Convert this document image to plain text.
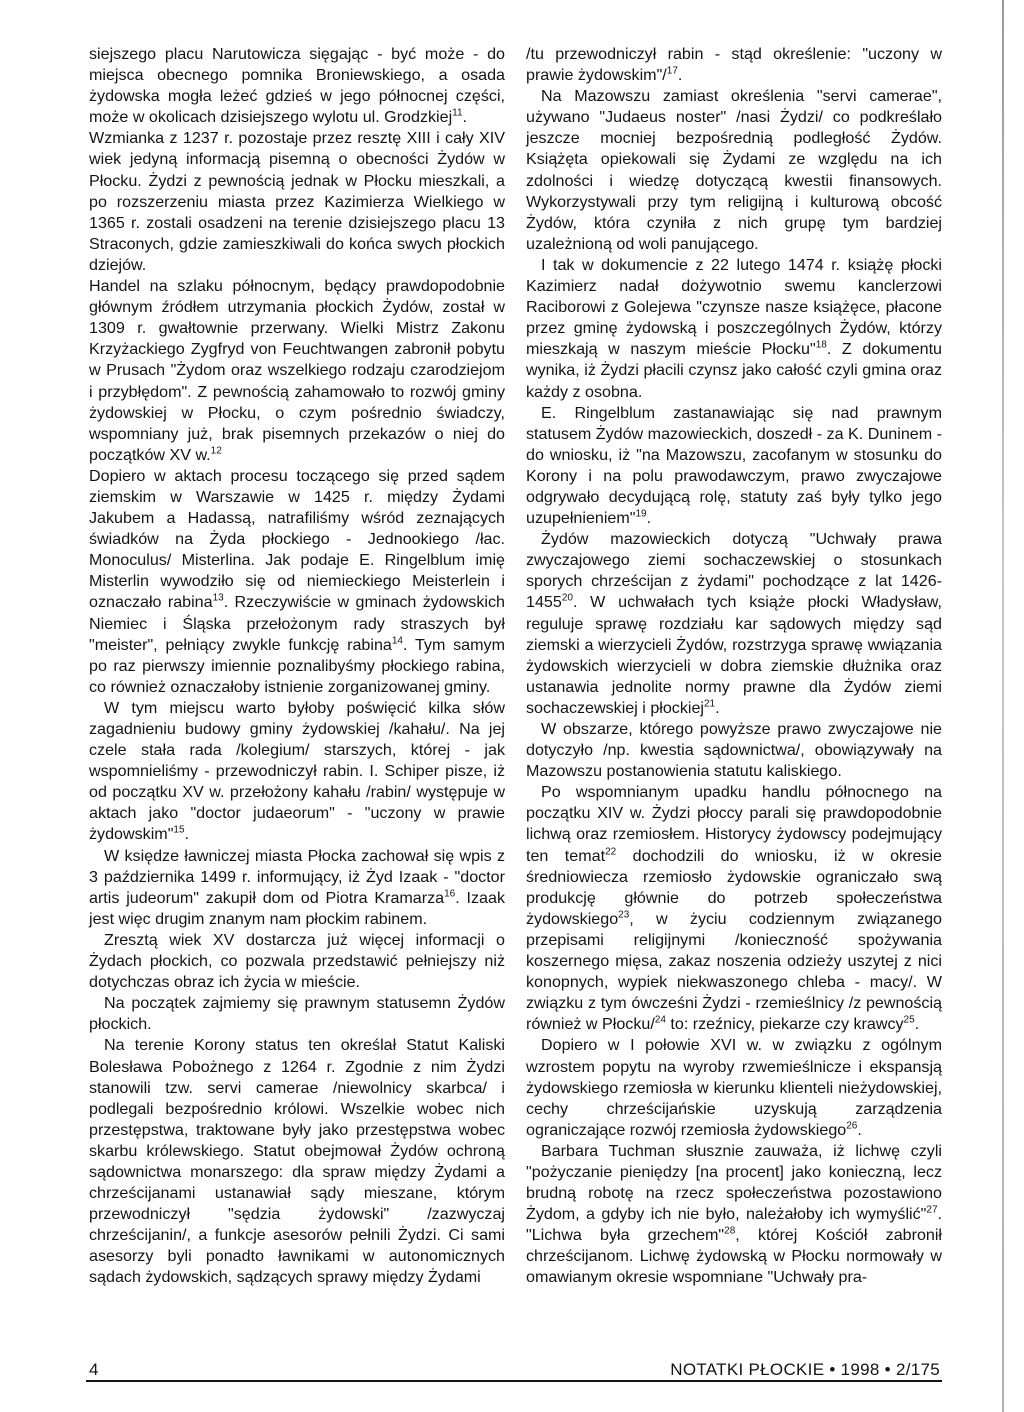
siejszego placu Narutowicza sięgając - być może - do miejsca obecnego pomnika Broniewskiego, a osada żydowska mogła leżeć gdzieś w jego północnej części, może w okolicach dzisiejszego wylotu ul. Grodzkiej$^{11}$.

Wzmianka z 1237 r. pozostaje przez resztę XIII i cały XIV wiek jedyną informacją pisemną o obecności Żydów w Płocku. Żydzi z pewnością jednak w Płocku mieszkali, a po rozszerzeniu miasta przez Kazimierza Wielkiego w 1365 r. zostali osadzeni na terenie dzisiejszego placu 13 Straconych, gdzie zamieszkiwali do końca swych płockich dziejów.

Handel na szlaku północnym, będący prawdopodobnie głównym źródłem utrzymania płockich Żydów, został w 1309 r. gwałtownie przerwany. Wielki Mistrz Zakonu Krzyżackiego Zygfryd von Feuchtwangen zabronił pobytu w Prusach "Żydom oraz wszelkiego rodzaju czarodziejom i przybłędom". Z pewnością zahamowało to rozwój gminy żydowskiej w Płocku, o czym pośrednio świadczy, wspomniany już, brak pisemnych przekazów o niej do początków XV w.$^{12}$

Dopiero w aktach procesu toczącego się przed sądem ziemskim w Warszawie w 1425 r. między Żydami Jakubem a Hadassą, natrafiliśmy wśród zeznających świadków na Żyda płockiego - Jednookiego /łac. Monoculus/ Misterlina. Jak podaje E. Ringelblum imię Misterlin wywodziło się od niemieckiego Meisterlein i oznaczało rabina$^{13}$. Rzeczywiście w gminach żydowskich Niemiec i Śląska przełożonym rady straszych był "meister", pełniący zwykle funkcję rabina$^{14}$. Tym samym po raz pierwszy imiennie poznalibyśmy płockiego rabina, co również oznaczałoby istnienie zorganizowanej gminy.

W tym miejscu warto byłoby poświęcić kilka słów zagadnieniu budowy gminy żydowskiej /kahału/. Na jej czele stała rada /kolegium/ starszych, której - jak wspomnieliśmy - przewodniczył rabin. I. Schiper pisze, iż od początku XV w. przełożony kahału /rabin/ występuje w aktach jako "doctor judaeorum" - "uczony w prawie żydowskim"$^{15}$.

W księdze ławniczej miasta Płocka zachował się wpis z 3 października 1499 r. informujący, iż Żyd Izaak - "doctor artis judeorum" zakupił dom od Piotra Kramarza$^{16}$. Izaak jest więc drugim znanym nam płockim rabinem.

Zresztą wiek XV dostarcza już więcej informacji o Żydach płockich, co pozwala przedstawić pełniejszy niż dotychczas obraz ich życia w mieście.

Na początek zajmiemy się prawnym statusemn Żydów płockich.

Na terenie Korony status ten określał Statut Kaliski Bolesława Pobożnego z 1264 r. Zgodnie z nim Żydzi stanowili tzw. servi camerae /niewolnicy skarbca/ i podlegali bezpośrednio królowi. Wszelkie wobec nich przestępstwa, traktowane były jako przestępstwa wobec skarbu królewskiego. Statut obejmował Żydów ochroną sądownictwa monarszego: dla spraw między Żydami a chrześcijanami ustanawiał sądy mieszane, którym przewodniczył "sędzia żydowski" /zazwyczaj chrześcijanin/, a funkcje asesorów pełnili Żydzi. Ci sami asesorzy byli ponadto ławnikami w autonomicznych sądach żydowskich, sądzących sprawy między Żydami

/tu przewodniczył rabin - stąd określenie: "uczony w prawie żydowskim"/$^{17}$.

Na Mazowszu zamiast określenia "servi camerae", używano "Judaeus noster" /nasi Żydzi/ co podkreślało jeszcze mocniej bezpośrednią podległość Żydów. Książęta opiekowali się Żydami ze względu na ich zdolności i wiedzę dotyczącą kwestii finansowych. Wykorzystywali przy tym religijną i kulturową obcość Żydów, która czyniła z nich grupę tym bardziej uzależnioną od woli panującego.

I tak w dokumencie z 22 lutego 1474 r. książę płocki Kazimierz nadał dożywotnio swemu kanclerzowi Raciborowi z Golejewa "czynsze nasze książęce, płacone przez gminę żydowską i poszczególnych Żydów, którzy mieszkają w naszym mieście Płocku"$^{18}$. Z dokumentu wynika, iż Żydzi płacili czynsz jako całość czyli gmina oraz każdy z osobna.

E. Ringelblum zastanawiając się nad prawnym statusem Żydów mazowieckich, doszedł - za K. Duninem - do wniosku, iż "na Mazowszu, zacofanym w stosunku do Korony i na polu prawodawczym, prawo zwyczajowe odgrywało decydującą rolę, statuty zaś były tylko jego uzupełnieniem"$^{19}$.

Żydów mazowieckich dotyczą "Uchwały prawa zwyczajowego ziemi sochaczewskiej o stosunkach sporych chrześcijan z żydami" pochodzące z lat 1426-1455$^{20}$. W uchwałach tych książe płocki Władysław, reguluje sprawę rozdziału kar sądowych między sąd ziemski a wierzycieli Żydów, rozstrzyga sprawę wwiązania żydowskich wierzycieli w dobra ziemskie dłużnika oraz ustanawia jednolite normy prawne dla Żydów ziemi sochaczewskiej i płockiej$^{21}$.

W obszarze, którego powyższe prawo zwyczajowe nie dotyczyło /np. kwestia sądownictwa/, obowiązywały na Mazowszu postanowienia statutu kaliskiego.

Po wspomnianym upadku handlu północnego na początku XIV w. Żydzi płoccy parali się prawdopodobnie lichwą oraz rzemiosłem. Historycy żydowscy podejmujący ten temat$^{22}$ dochodzili do wniosku, iż w okresie średniowiecza rzemiosło żydowskie ograniczało swą produkcję głównie do potrzeb społeczeństwa żydowskiego$^{23}$, w życiu codziennym związanego przepisami religijnymi /konieczność spożywania koszernego mięsa, zakaz noszenia odzieży uszytej z nici konopnych, wypiek niekwaszonego chleba - macy/. W związku z tym ówcześni Żydzi - rzemieślnicy /z pewnością również w Płocku/$^{24}$ to: rzeźnicy, piekarze czy krawcy$^{25}$.

Dopiero w I połowie XVI w. w związku z ogólnym wzrostem popytu na wyroby rzwemieślnicze i ekspansją żydowskiego rzemiosła w kierunku klienteli nieżydowskiej, cechy chrześcijańskie uzyskują zarządzenia ograniczające rozwój rzemiosła żydowskiego$^{26}$.

Barbara Tuchman słusznie zauważa, iż lichwę czyli "pożyczanie pieniędzy [na procent] jako konieczną, lecz brudną robotę na rzecz społeczeństwa pozostawiono Żydom, a gdyby ich nie było, należałoby ich wymyślić"$^{27}$. "Lichwa była grzechem"$^{28}$, której Kościół zabronił chrześcijanom. Lichwę żydowską w Płocku normowały w omawianym okresie wspomniane "Uchwały pra-

4	NOTATKI PŁOCKIE • 1998 • 2/175
